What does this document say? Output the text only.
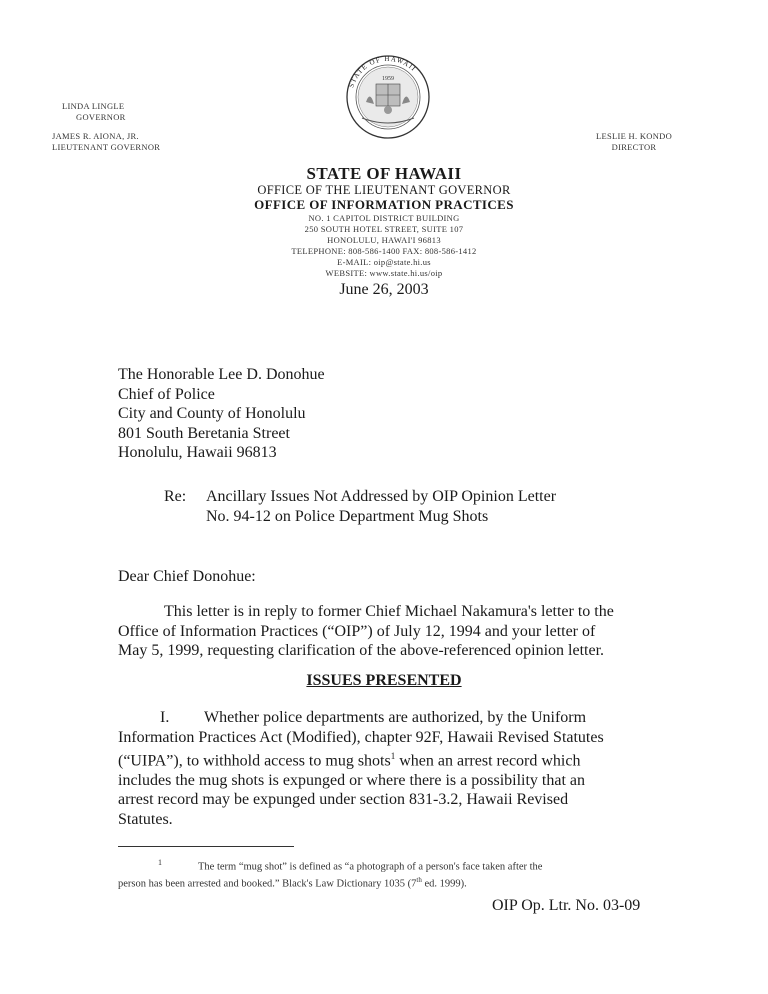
LINDA LINGLE
GOVERNOR
JAMES R. AIONA, JR.
LIEUTENANT GOVERNOR
LESLIE H. KONDO
DIRECTOR
STATE OF HAWAII
1959
STATE OF HAWAII
OFFICE OF THE LIEUTENANT GOVERNOR
OFFICE OF INFORMATION PRACTICES
NO. 1 CAPITOL DISTRICT BUILDING
250 SOUTH HOTEL STREET, SUITE 107
HONOLULU, HAWAI'I 96813
TELEPHONE: 808-586-1400 FAX: 808-586-1412
E-MAIL: oip@state.hi.us
WEBSITE: www.state.hi.us/oip
June 26, 2003
The Honorable Lee D. Donohue
Chief of Police
City and County of Honolulu
801 South Beretania Street
Honolulu, Hawaii 96813
Re: Ancillary Issues Not Addressed by OIP Opinion Letter
No. 94-12 on Police Department Mug Shots
Dear Chief Donohue:
This letter is in reply to former Chief Michael Nakamura's letter to the
Office of Information Practices (“OIP”) of July 12, 1994 and your letter of
May 5, 1999, requesting clarification of the above-referenced opinion letter.
ISSUES PRESENTED
I. Whether police departments are authorized, by the Uniform
Information Practices Act (Modified), chapter 92F, Hawaii Revised Statutes
(“UIPA”), to withhold access to mug shots$^1$ when an arrest record which
includes the mug shots is expunged or where there is a possibility that an
arrest record may be expunged under section 831-3.2, Hawaii Revised
Statutes.
$^1$	The term “mug shot” is defined as “a photograph of a person's face taken after the
person has been arrested and booked.” Black's Law Dictionary 1035 (7th ed. 1999).
OIP Op. Ltr. No. 03-09
